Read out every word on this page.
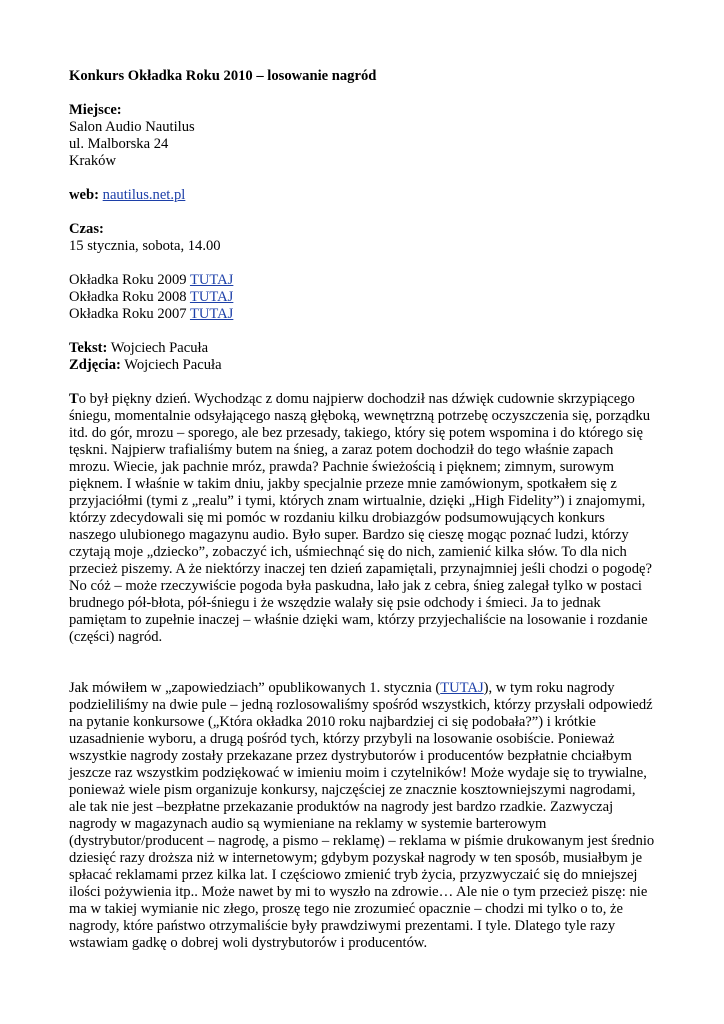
Konkurs Okładka Roku 2010 – losowanie nagród
Miejsce:
Salon Audio Nautilus
ul. Malborska 24
Kraków
web: nautilus.net.pl
Czas:
15 stycznia, sobota, 14.00
Okładka Roku 2009 TUTAJ
Okładka Roku 2008 TUTAJ
Okładka Roku 2007 TUTAJ
Tekst: Wojciech Pacuła
Zdjęcia: Wojciech Pacuła
To był piękny dzień. Wychodząc z domu najpierw dochodził nas dźwięk cudownie skrzypiącego
śniegu, momentalnie odsyłającego naszą głęboką, wewnętrzną potrzebę oczyszczenia się, porządku
itd. do gór, mrozu – sporego, ale bez przesady, takiego, który się potem wspomina i do którego się
tęskni. Najpierw trafialiśmy butem na śnieg, a zaraz potem dochodził do tego właśnie zapach
mrozu. Wiecie, jak pachnie mróz, prawda? Pachnie świeżością i pięknem; zimnym, surowym
pięknem. I właśnie w takim dniu, jakby specjalnie przeze mnie zamówionym, spotkałem się z
przyjaciółmi (tymi z „realu” i tymi, których znam wirtualnie, dzięki „High Fidelity”) i znajomymi,
którzy zdecydowali się mi pomóc w rozdaniu kilku drobiazgów podsumowujących konkurs
naszego ulubionego magazynu audio. Było super. Bardzo się cieszę mogąc poznać ludzi, którzy
czytają moje „dziecko”, zobaczyć ich, uśmiechnąć się do nich, zamienić kilka słów. To dla nich
przecież piszemy. A że niektórzy inaczej ten dzień zapamiętali, przynajmniej jeśli chodzi o pogodę?
No cóż – może rzeczywiście pogoda była paskudna, lało jak z cebra, śnieg zalegał tylko w postaci
brudnego pół-błota, pół-śniegu i że wszędzie walały się psie odchody i śmieci. Ja to jednak
pamiętam to zupełnie inaczej – właśnie dzięki wam, którzy przyjechaliście na losowanie i rozdanie
(części) nagród.
Jak mówiłem w „zapowiedziach” opublikowanych 1. stycznia (TUTAJ), w tym roku nagrody
podzieliliśmy na dwie pule – jedną rozlosowaliśmy spośród wszystkich, którzy przysłali odpowiedź
na pytanie konkursowe („Która okładka 2010 roku najbardziej ci się podobała?”) i krótkie
uzasadnienie wyboru, a drugą pośród tych, którzy przybyli na losowanie osobiście. Ponieważ
wszystkie nagrody zostały przekazane przez dystrybutorów i producentów bezpłatnie chciałbym
jeszcze raz wszystkim podziękować w imieniu moim i czytelników! Może wydaje się to trywialne,
ponieważ wiele pism organizuje konkursy, najczęściej ze znacznie kosztowniejszymi nagrodami,
ale tak nie jest –bezpłatne przekazanie produktów na nagrody jest bardzo rzadkie. Zazwyczaj
nagrody w magazynach audio są wymieniane na reklamy w systemie barterowym
(dystrybutor/producent – nagrodę, a pismo – reklamę) – reklama w piśmie drukowanym jest średnio
dziesięć razy droższa niż w internetowym; gdybym pozyskał nagrody w ten sposób, musiałbym je
spłacać reklamami przez kilka lat. I częściowo zmienić tryb życia, przyzwyczaić się do mniejszej
ilości pożywienia itp.. Może nawet by mi to wyszło na zdrowie… Ale nie o tym przecież piszę: nie
ma w takiej wymianie nic złego, proszę tego nie zrozumieć opacznie – chodzi mi tylko o to, że
nagrody, które państwo otrzymaliście były prawdziwymi prezentami. I tyle. Dlatego tyle razy
wstawiam gadkę o dobrej woli dystrybutorów i producentów.
